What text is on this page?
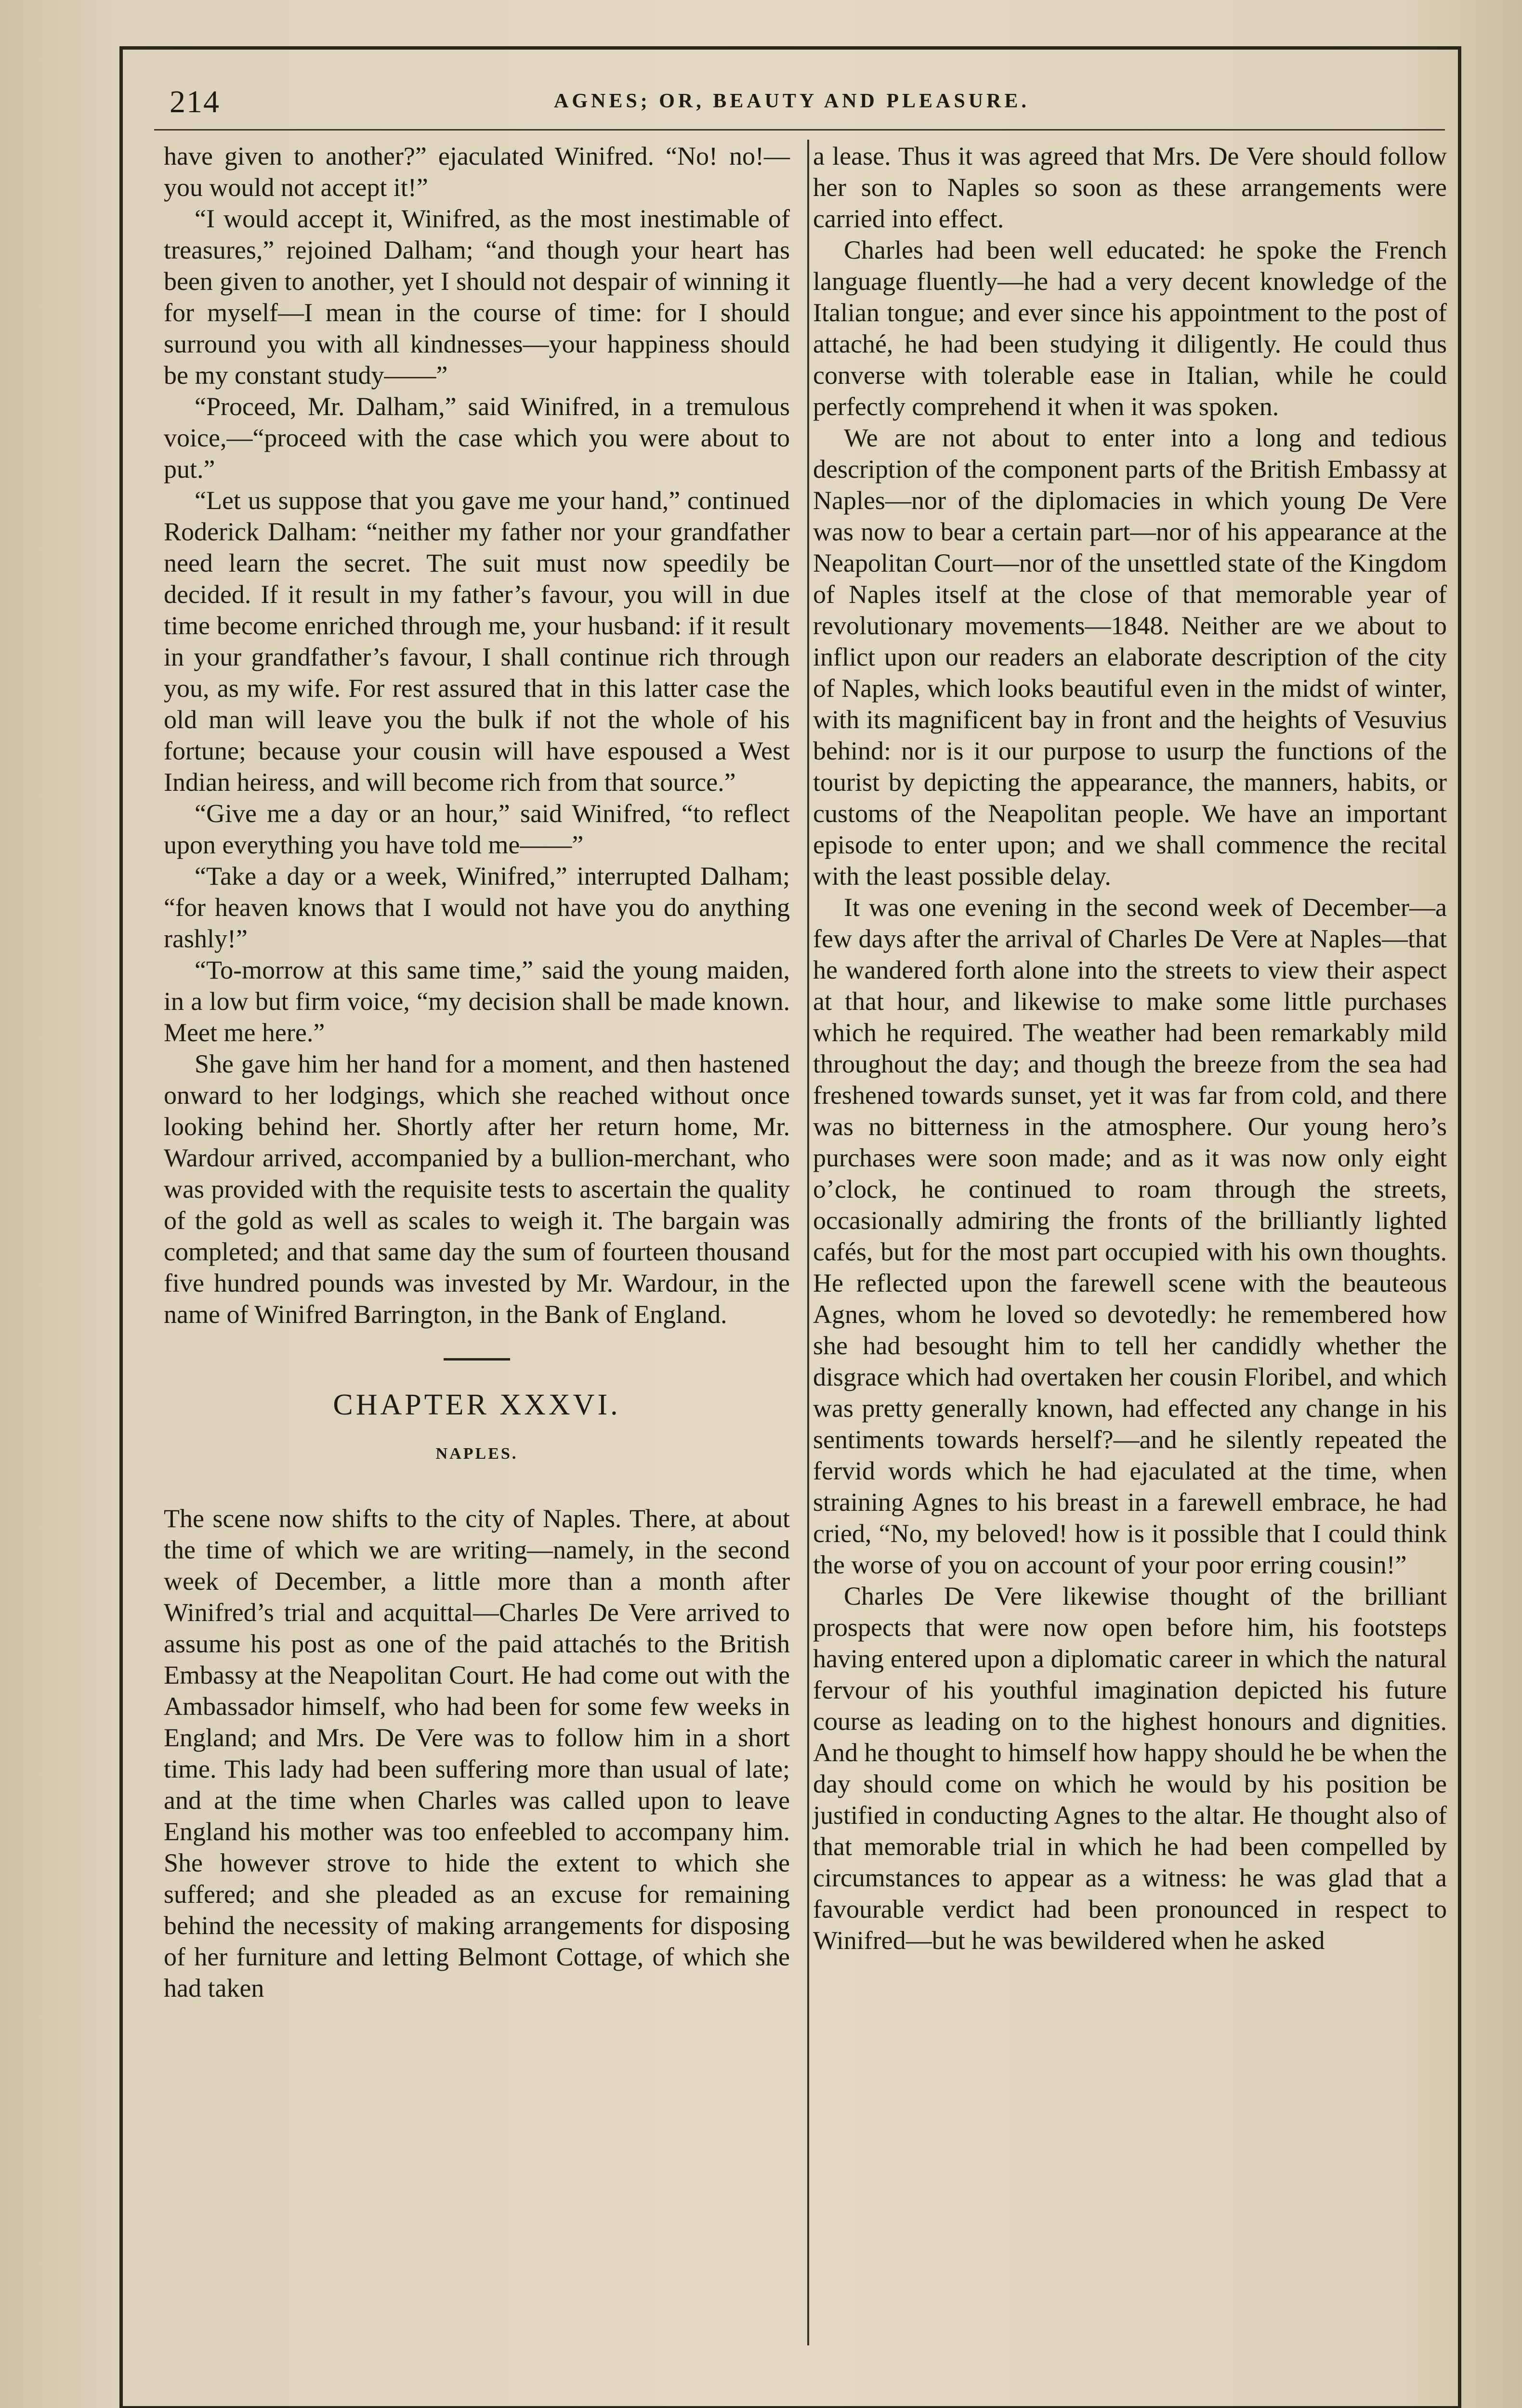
214	AGNES; OR, BEAUTY AND PLEASURE.

have given to another?” ejaculated Winifred. “No! no!—you would not accept it!”

“I would accept it, Winifred, as the most inestimable of treasures,” rejoined Dalham; “and though your heart has been given to another, yet I should not despair of winning it for myself—I mean in the course of time: for I should surround you with all kindnesses—your happiness should be my constant study——”

“Proceed, Mr. Dalham,” said Winifred, in a tremulous voice,—“proceed with the case which you were about to put.”

“Let us suppose that you gave me your hand,” continued Roderick Dalham: “neither my father nor your grandfather need learn the secret. The suit must now speedily be decided. If it result in my father’s favour, you will in due time become enriched through me, your husband: if it result in your grandfather’s favour, I shall continue rich through you, as my wife. For rest assured that in this latter case the old man will leave you the bulk if not the whole of his fortune; because your cousin will have espoused a West Indian heiress, and will become rich from that source.”

“Give me a day or an hour,” said Winifred, “to reflect upon everything you have told me——”

“Take a day or a week, Winifred,” interrupted Dalham; “for heaven knows that I would not have you do anything rashly!”

“To-morrow at this same time,” said the young maiden, in a low but firm voice, “my decision shall be made known. Meet me here.”

She gave him her hand for a moment, and then hastened onward to her lodgings, which she reached without once looking behind her. Shortly after her return home, Mr. Wardour arrived, accompanied by a bullion-merchant, who was provided with the requisite tests to ascertain the quality of the gold as well as scales to weigh it. The bargain was completed; and that same day the sum of fourteen thousand five hundred pounds was invested by Mr. Wardour, in the name of Winifred Barrington, in the Bank of England.

CHAPTER XXXVI.
NAPLES.

The scene now shifts to the city of Naples. There, at about the time of which we are writing—namely, in the second week of December, a little more than a month after Winifred’s trial and acquittal—Charles De Vere arrived to assume his post as one of the paid attachés to the British Embassy at the Neapolitan Court. He had come out with the Ambassador himself, who had been for some few weeks in England; and Mrs. De Vere was to follow him in a short time. This lady had been suffering more than usual of late; and at the time when Charles was called upon to leave England his mother was too enfeebled to accompany him. She however strove to hide the extent to which she suffered; and she pleaded as an excuse for remaining behind the necessity of making arrangements for disposing of her furniture and letting Belmont Cottage, of which she had taken

a lease. Thus it was agreed that Mrs. De Vere should follow her son to Naples so soon as these arrangements were carried into effect.

Charles had been well educated: he spoke the French language fluently—he had a very decent knowledge of the Italian tongue; and ever since his appointment to the post of attaché, he had been studying it diligently. He could thus converse with tolerable ease in Italian, while he could perfectly comprehend it when it was spoken.

We are not about to enter into a long and tedious description of the component parts of the British Embassy at Naples—nor of the diplomacies in which young De Vere was now to bear a certain part—nor of his appearance at the Neapolitan Court—nor of the unsettled state of the Kingdom of Naples itself at the close of that memorable year of revolutionary movements—1848. Neither are we about to inflict upon our readers an elaborate description of the city of Naples, which looks beautiful even in the midst of winter, with its magnificent bay in front and the heights of Vesuvius behind: nor is it our purpose to usurp the functions of the tourist by depicting the appearance, the manners, habits, or customs of the Neapolitan people. We have an important episode to enter upon; and we shall commence the recital with the least possible delay.

It was one evening in the second week of December—a few days after the arrival of Charles De Vere at Naples—that he wandered forth alone into the streets to view their aspect at that hour, and likewise to make some little purchases which he required. The weather had been remarkably mild throughout the day; and though the breeze from the sea had freshened towards sunset, yet it was far from cold, and there was no bitterness in the atmosphere. Our young hero’s purchases were soon made; and as it was now only eight o’clock, he continued to roam through the streets, occasionally admiring the fronts of the brilliantly lighted cafés, but for the most part occupied with his own thoughts. He reflected upon the farewell scene with the beauteous Agnes, whom he loved so devotedly: he remembered how she had besought him to tell her candidly whether the disgrace which had overtaken her cousin Floribel, and which was pretty generally known, had effected any change in his sentiments towards herself?—and he silently repeated the fervid words which he had ejaculated at the time, when straining Agnes to his breast in a farewell embrace, he had cried, “No, my beloved! how is it possible that I could think the worse of you on account of your poor erring cousin!”

Charles De Vere likewise thought of the brilliant prospects that were now open before him, his footsteps having entered upon a diplomatic career in which the natural fervour of his youthful imagination depicted his future course as leading on to the highest honours and dignities. And he thought to himself how happy should he be when the day should come on which he would by his position be justified in conducting Agnes to the altar. He thought also of that memorable trial in which he had been compelled by circumstances to appear as a witness: he was glad that a favourable verdict had been pronounced in respect to Winifred—but he was bewildered when he asked
